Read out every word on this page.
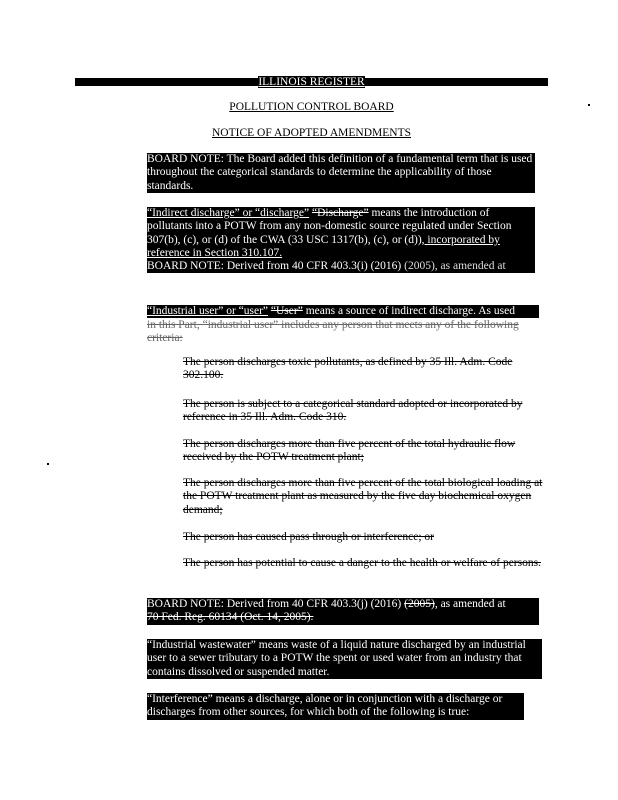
ILLINOIS REGISTER
POLLUTION CONTROL BOARD
NOTICE OF ADOPTED AMENDMENTS

BOARD NOTE: The Board added this definition of a fundamental term that is used throughout the categorical standards to determine the applicability of those standards.

“Indirect discharge” or “discharge” “Discharge” means the introduction of pollutants into a POTW from any non-domestic source regulated under Section 307(b), (c), or (d) of the CWA (33 USC 1317(b), (c), or (d)), incorporated by reference in Section 310.107.

BOARD NOTE: Derived from 40 CFR 403.3(i) (2016) (2005), as amended at

“Industrial user” or “user” “User” means a source of indirect discharge. As used

in this Part, “industrial user” includes any person that meets any of the following criteria:

The person discharges toxic pollutants, as defined by 35 Ill. Adm. Code 302.100.
The person is subject to a categorical standard adopted or incorporated by reference in 35 Ill. Adm. Code 310.
The person discharges more than five percent of the total hydraulic flow received by the POTW treatment plant;
The person discharges more than five percent of the total biological loading at the POTW treatment plant as measured by the five day biochemical oxygen demand;
The person has caused pass through or interference; or
The person has potential to cause a danger to the health or welfare of persons.

BOARD NOTE: Derived from 40 CFR 403.3(j) (2016) (2005), as amended at

70 Fed. Reg. 60134 (Oct. 14, 2005).

“Industrial wastewater” means waste of a liquid nature discharged by an industrial user to a sewer tributary to a POTW the spent or used water from an industry that contains dissolved or suspended matter.

“Interference” means a discharge, alone or in conjunction with a discharge or discharges from other sources, for which both of the following is true:
